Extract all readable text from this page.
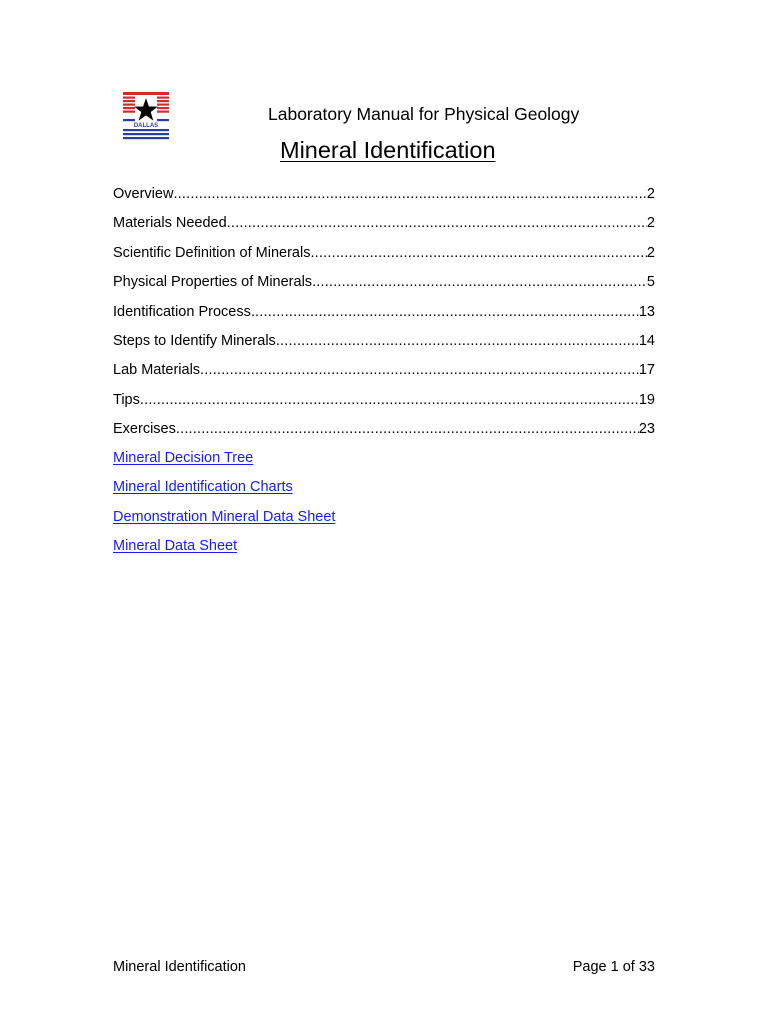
DALLAS
Laboratory Manual for Physical Geology
Mineral Identification
Overview .....	2
Materials Needed .....	2
Scientific Definition of Minerals .....	2
Physical Properties of Minerals .....	5
Identification Process .....	13
Steps to Identify Minerals .....	14
Lab Materials .....	17
Tips .....	19
Exercises .....	23
Mineral Decision Tree
Mineral Identification Charts
Demonstration Mineral Data Sheet
Mineral Data Sheet
Mineral Identification	Page 1 of 33
